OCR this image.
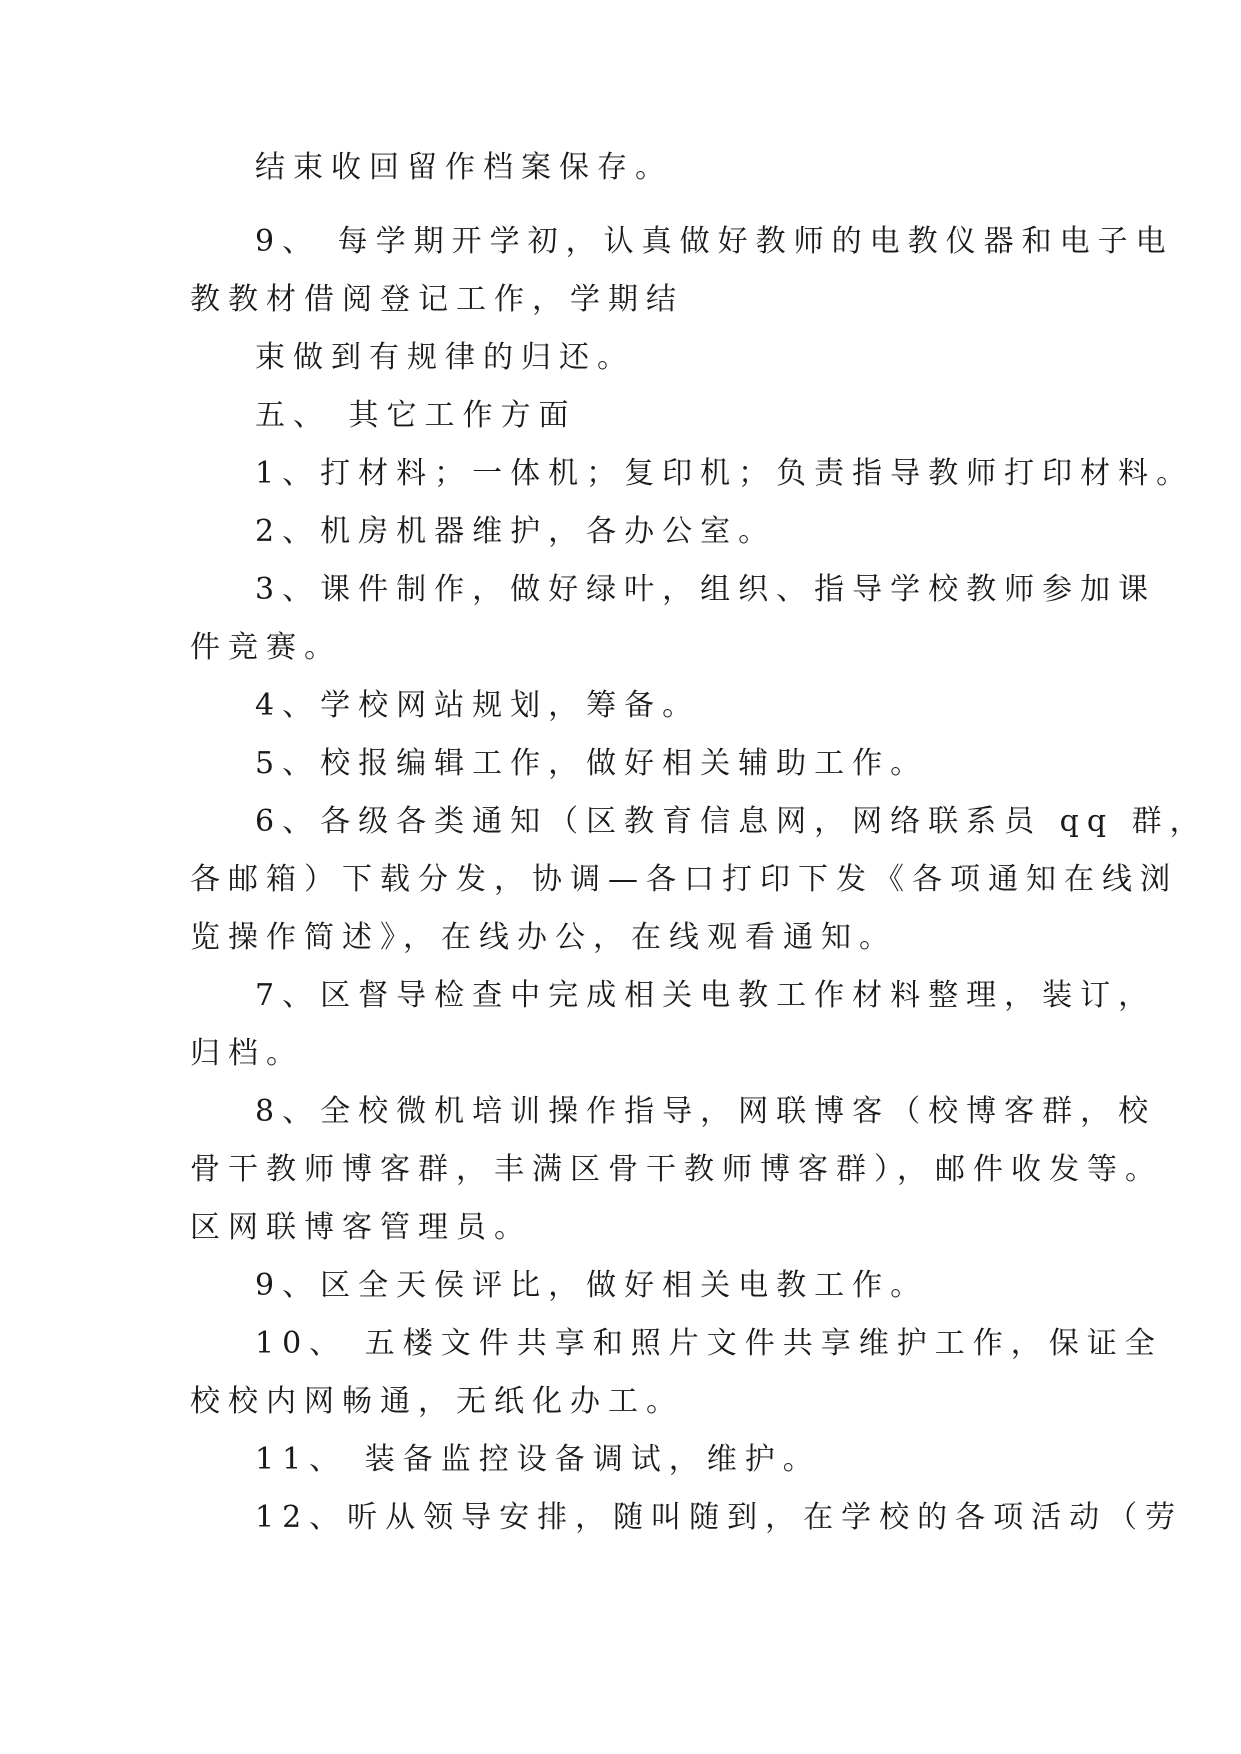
结束收回留作档案保存。
9、 每学期开学初，认真做好教师的电教仪器和电子电
教教材借阅登记工作，学期结
束做到有规律的归还。
五、 其它工作方面
1、打材料；一体机；复印机；负责指导教师打印材料。
2、机房机器维护，各办公室。
3、课件制作，做好绿叶，组织、指导学校教师参加课
件竞赛。
4、学校网站规划，筹备。
5、校报编辑工作，做好相关辅助工作。
6、各级各类通知（区教育信息网，网络联系员 qq 群，
各邮箱）下载分发，协调—各口打印下发《各项通知在线浏
览操作简述》，在线办公，在线观看通知。
7、区督导检查中完成相关电教工作材料整理，装订，
归档。
8、全校微机培训操作指导，网联博客（校博客群，校
骨干教师博客群，丰满区骨干教师博客群），邮件收发等。
区网联博客管理员。
9、区全天侯评比，做好相关电教工作。
10、 五楼文件共享和照片文件共享维护工作，保证全
校校内网畅通，无纸化办工。
11、 装备监控设备调试，维护。
12、听从领导安排，随叫随到，在学校的各项活动（劳
